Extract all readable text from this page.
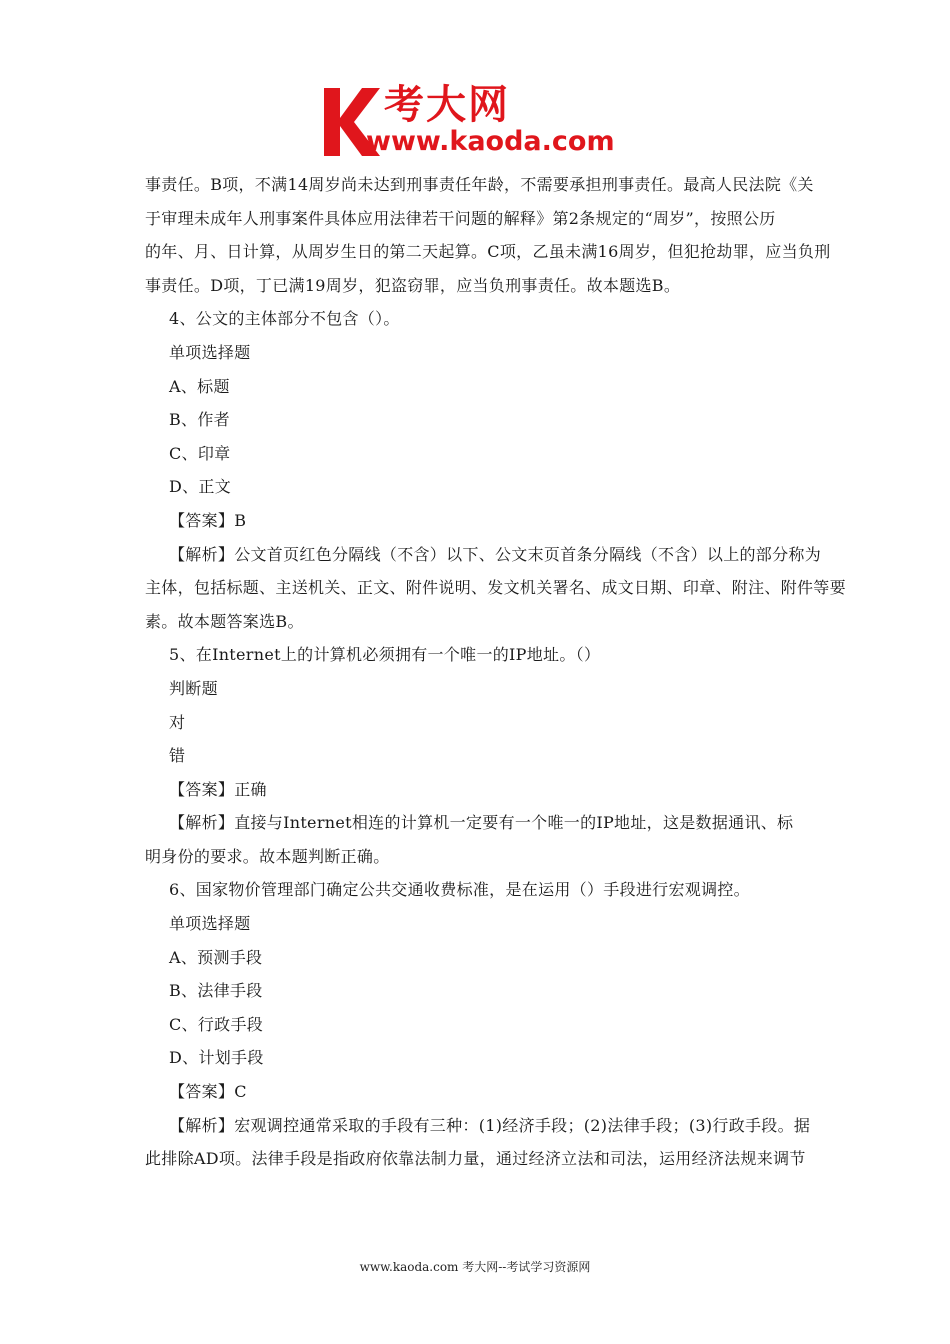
考大网
www.kaoda.com
事责任。B项，不满14周岁尚未达到刑事责任年龄，不需要承担刑事责任。最高人民法院《关
于审理未成年人刑事案件具体应用法律若干问题的解释》第2条规定的“周岁”，按照公历
的年、月、日计算，从周岁生日的第二天起算。C项，乙虽未满16周岁，但犯抢劫罪，应当负刑
事责任。D项，丁已满19周岁，犯盗窃罪，应当负刑事责任。故本题选B。
4、公文的主体部分不包含（）。
单项选择题
A、标题
B、作者
C、印章
D、正文
【答案】B
【解析】公文首页红色分隔线（不含）以下、公文末页首条分隔线（不含）以上的部分称为
主体，包括标题、主送机关、正文、附件说明、发文机关署名、成文日期、印章、附注、附件等要
素。故本题答案选B。
5、在Internet上的计算机必须拥有一个唯一的IP地址。（）
判断题
对
错
【答案】正确
【解析】直接与Internet相连的计算机一定要有一个唯一的IP地址，这是数据通讯、标
明身份的要求。故本题判断正确。
6、国家物价管理部门确定公共交通收费标准，是在运用（）手段进行宏观调控。
单项选择题
A、预测手段
B、法律手段
C、行政手段
D、计划手段
【答案】C
【解析】宏观调控通常采取的手段有三种：(1)经济手段；(2)法律手段；(3)行政手段。据
此排除AD项。法律手段是指政府依靠法制力量，通过经济立法和司法，运用经济法规来调节
www.kaoda.com 考大网--考试学习资源网
